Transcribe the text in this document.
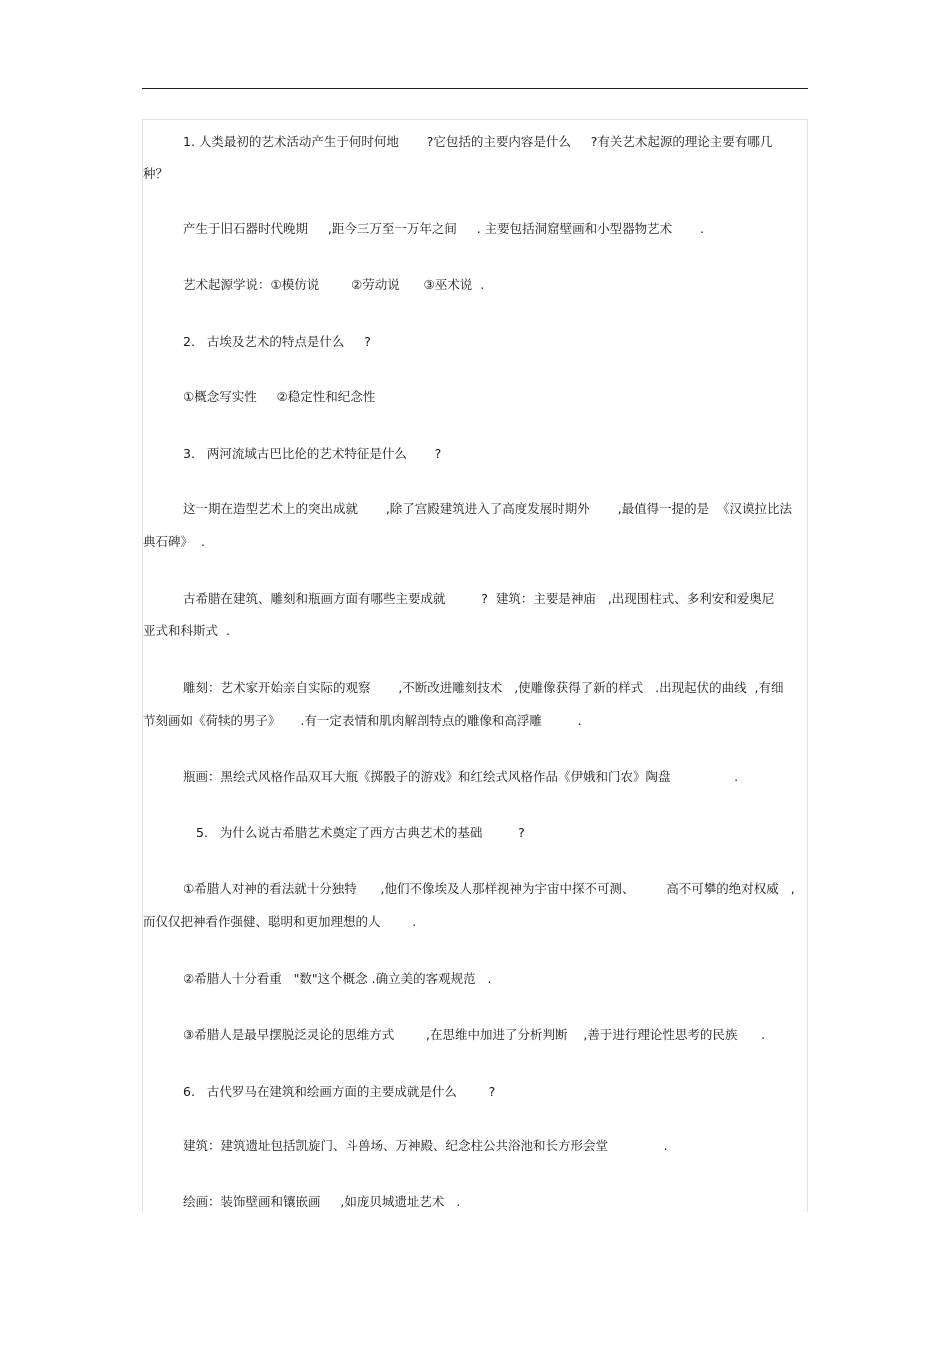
1. 人类最初的艺术活动产生于何时何地       ?它包括的主要内容是什么     ?有关艺术起源的理论主要有哪几
种？
产生于旧石器时代晚期     ,距今三万至一万年之间     . 主要包括洞窟壁画和小型器物艺术       .
艺术起源学说：①模仿说        ②劳动说      ③巫术说  .
2.   古埃及艺术的特点是什么     ?
①概念写实性     ②稳定性和纪念性
3.   两河流域古巴比伦的艺术特征是什么       ?
这一期在造型艺术上的突出成就       ,除了宫殿建筑进入了高度发展时期外       ,最值得一提的是  《汉谟拉比法
典石碑》  .
古希腊在建筑、雕刻和瓶画方面有哪些主要成就         ?  建筑：主要是神庙   ,出现围柱式、多利安和爱奥尼
亚式和科斯式  .
雕刻：艺术家开始亲自实际的观察       ,不断改进雕刻技术   ,使雕像获得了新的样式   .出现起伏的曲线  ,有细
节刻画如《荷犊的男子》     .有一定表情和肌肉解剖特点的雕像和高浮雕         .
瓶画：黑绘式风格作品双耳大瓶《掷骰子的游戏》和红绘式风格作品《伊娥和门农》陶盘                .
5.   为什么说古希腊艺术奠定了西方古典艺术的基础         ?
①希腊人对神的看法就十分独特      ,他们不像埃及人那样视神为宇宙中探不可测、        高不可攀的绝对权威   ,
而仅仅把神看作强健、聪明和更加理想的人        .
②希腊人十分看重   "数"这个概念 .确立美的客观规范   .
③希腊人是最早摆脱泛灵论的思维方式        ,在思维中加进了分析判断    ,善于进行理论性思考的民族      .
6.   古代罗马在建筑和绘画方面的主要成就是什么        ?
建筑：建筑遗址包括凯旋门、斗兽场、万神殿、纪念柱公共浴池和长方形会堂              .
绘画：装饰壁画和镶嵌画     ,如庞贝城遗址艺术   .
